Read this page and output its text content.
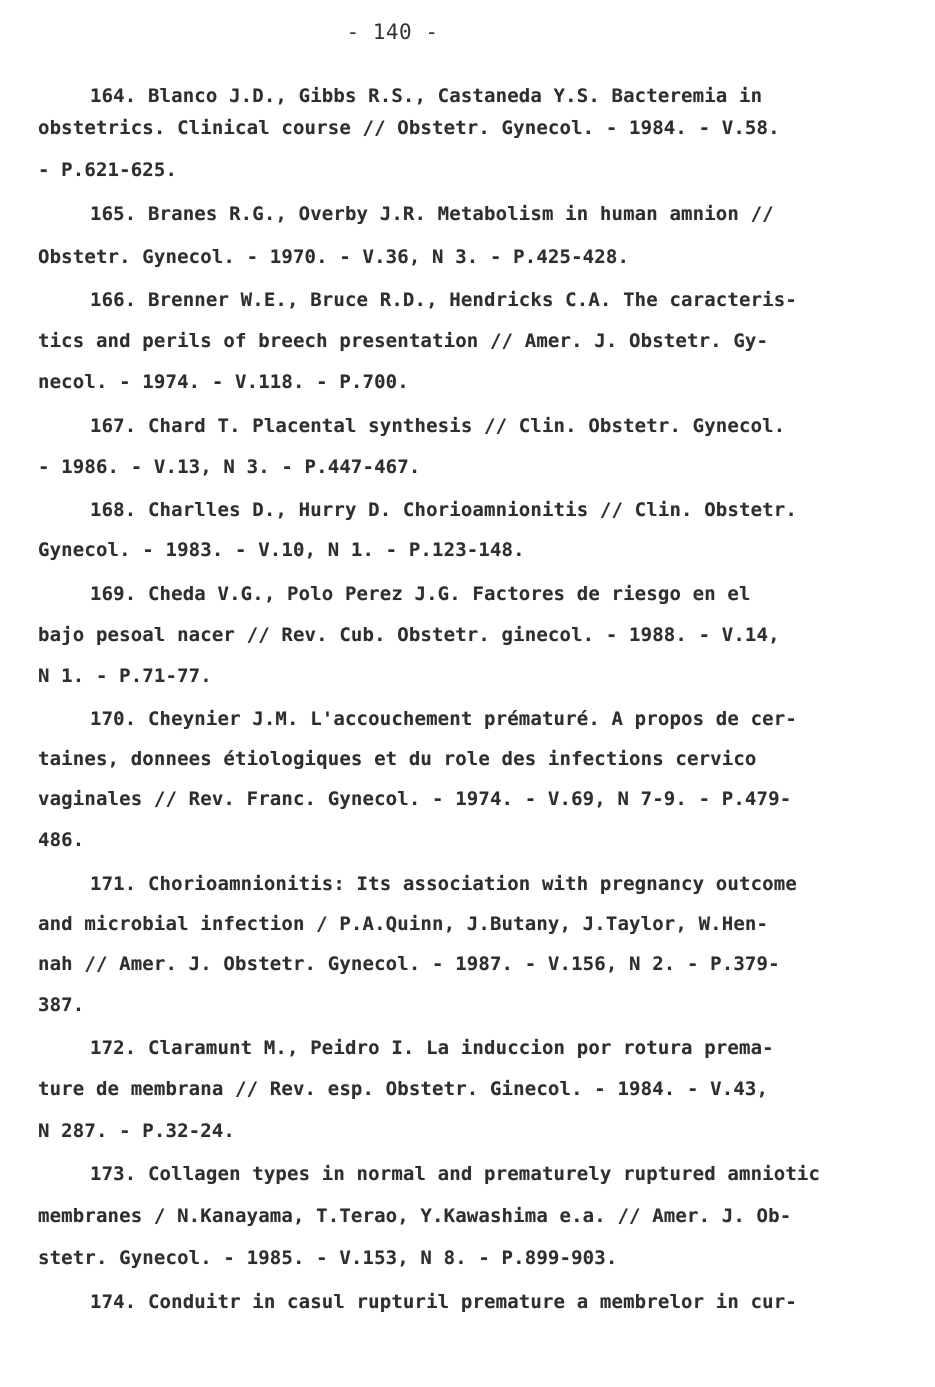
- 140 -
164. Blanco J.D., Gibbs R.S., Castaneda Y.S. Bacteremia in
obstetrics. Clinical course // Obstetr. Gynecol. - 1984. - V.58.
- P.621-625.
165. Branes R.G., Overby J.R. Metabolism in human amnion //
Obstetr. Gynecol. - 1970. - V.36, N 3. - P.425-428.
166. Brenner W.E., Bruce R.D., Hendricks C.A. The caracteris-
tics and perils of breech presentation // Amer. J. Obstetr. Gy-
necol. - 1974. - V.118. - P.700.
167. Chard T. Placental synthesis // Clin. Obstetr. Gynecol.
- 1986. - V.13, N 3. - P.447-467.
168. Charlles D., Hurry D. Chorioamnionitis // Clin. Obstetr.
Gynecol. - 1983. - V.10, N 1. - P.123-148.
169. Cheda V.G., Polo Perez J.G. Factores de riesgo en el
bajo pesoal nacer // Rev. Cub. Obstetr. ginecol. - 1988. - V.14,
N 1. - P.71-77.
170. Cheynier J.M. L'accouchement prématuré. A propos de cer-
taines, donnees étiologiques et du role des infections cervico
vaginales // Rev. Franc. Gynecol. - 1974. - V.69, N 7-9. - P.479-
486.
171. Chorioamnionitis: Its association with pregnancy outcome
and microbial infection / P.A.Quinn, J.Butany, J.Taylor, W.Hen-
nah // Amer. J. Obstetr. Gynecol. - 1987. - V.156, N 2. - P.379-
387.
172. Claramunt M., Peidro I. La induccion por rotura prema-
ture de membrana // Rev. esp. Obstetr. Ginecol. - 1984. - V.43,
N 287. - P.32-24.
173. Collagen types in normal and prematurely ruptured amniotic
membranes / N.Kanayama, T.Terao, Y.Kawashima e.a. // Amer. J. Ob-
stetr. Gynecol. - 1985. - V.153, N 8. - P.899-903.
174. Conduitr in casul rupturil premature a membrelor in cur-
